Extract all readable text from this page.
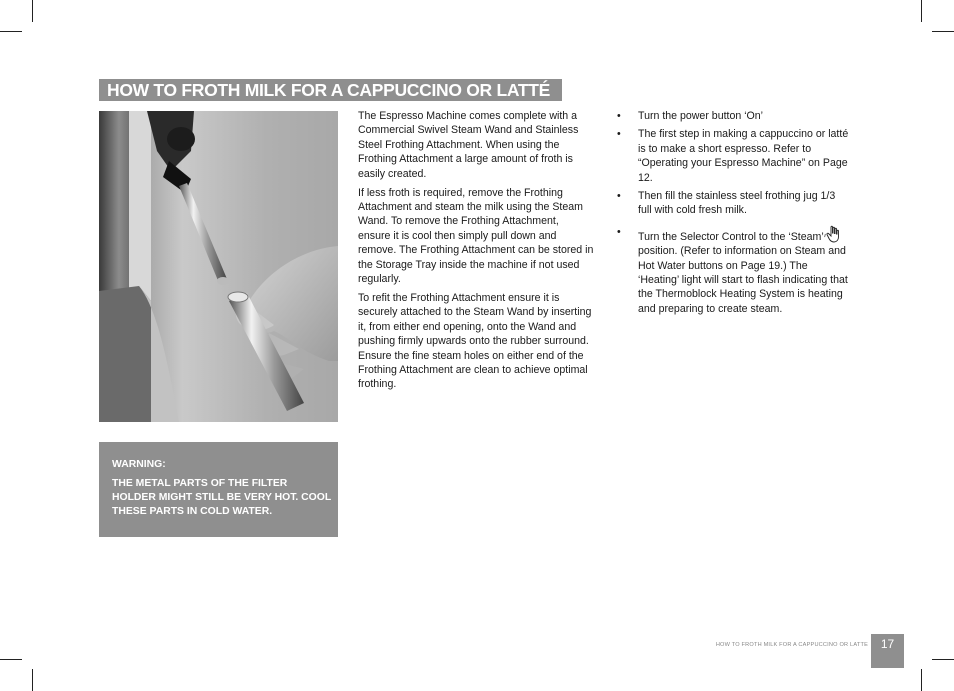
HOW TO FROTH MILK FOR A CAPPUCCINO OR LATTÉ

The Espresso Machine comes complete with a Commercial Swivel Steam Wand and Stainless Steel Frothing Attachment. When using the Frothing Attachment a large amount of froth is easily created.

If less froth is required, remove the Frothing Attachment and steam the milk using the Steam Wand. To remove the Frothing Attachment, ensure it is cool then simply pull down and remove. The Frothing Attachment can be stored in the Storage Tray inside the machine if not used regularly.

To refit the Frothing Attachment ensure it is securely attached to the Steam Wand by inserting it, from either end opening, onto the Wand and pushing firmly upwards onto the rubber surround. Ensure the fine steam holes on either end of the Frothing Attachment are clean to achieve optimal frothing.

• Turn the power button ‘On’
• The first step in making a cappuccino or latté is to make a short espresso. Refer to “Operating your Espresso Machine” on Page 12.
• Then fill the stainless steel frothing jug 1/3 full with cold fresh milk.
• Turn the Selector Control to the ‘Steam’ position. (Refer to information on Steam and Hot Water buttons on Page 19.) The ‘Heating’ light will start to flash indicating that the Thermoblock Heating System is heating and preparing to create steam.
WARNING:
THE METAL PARTS OF THE FILTER HOLDER MIGHT STILL BE VERY HOT. COOL THESE PARTS IN COLD WATER.
HOW TO FROTH MILK FOR A CAPPUCCINO OR LATTE	17
